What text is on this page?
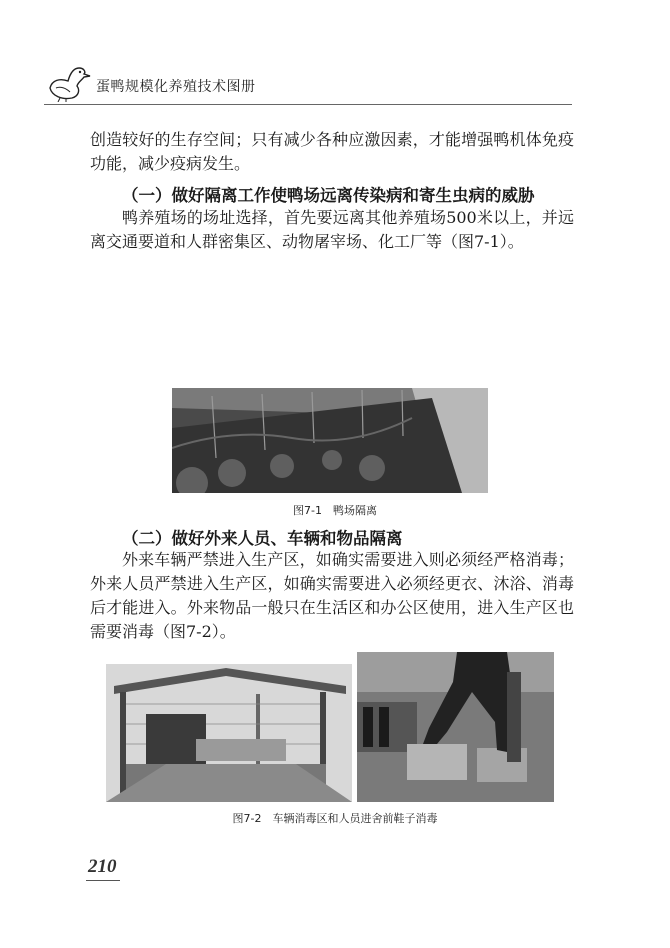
蛋鸭规模化养殖技术图册

创造较好的生存空间；只有减少各种应激因素，才能增强鸭机体免疫功能，减少疫病发生。

（一）做好隔离工作使鸭场远离传染病和寄生虫病的威胁

鸭养殖场的场址选择，首先要远离其他养殖场500米以上，并远离交通要道和人群密集区、动物屠宰场、化工厂等（图7-1）。

图7-1　鸭场隔离
（二）做好外来人员、车辆和物品隔离

外来车辆严禁进入生产区，如确实需要进入则必须经严格消毒；外来人员严禁进入生产区，如确实需要进入必须经更衣、沐浴、消毒后才能进入。外来物品一般只在生活区和办公区使用，进入生产区也需要消毒（图7-2）。

图7-2　车辆消毒区和人员进舍前鞋子消毒
210
